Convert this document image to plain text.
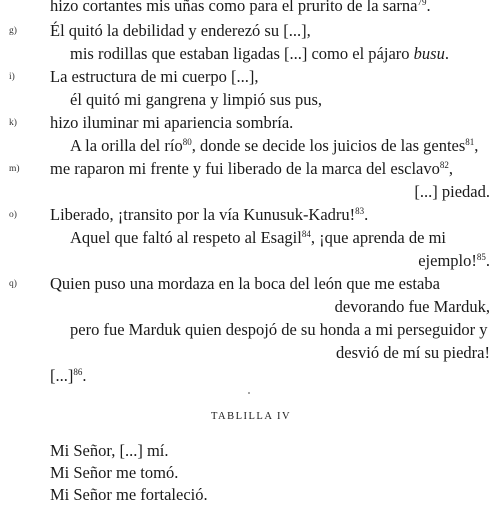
hizo cortantes mis uñas como para el prurito de la sarna$^{79}$.
g) Él quitó la debilidad y enderezó su [...],
mis rodillas que estaban ligadas [...] como el pájaro busu.
i) La estructura de mi cuerpo [...],
él quitó mi gangrena y limpió sus pus,
k) hizo iluminar mi apariencia sombría.
A la orilla del río$^{80}$, donde se decide los juicios de las gentes$^{81}$,
m) me raparon mi frente y fui liberado de la marca del esclavo$^{82}$,
[...] piedad.
o) Liberado, ¡transito por la vía Kunusuk-Kadru!$^{83}$.
Aquel que faltó al respeto al Esagil$^{84}$, ¡que aprenda de mi
ejemplo!$^{85}$.
q) Quien puso una mordaza en la boca del león que me estaba
devorando fue Marduk,
pero fue Marduk quien despojó de su honda a mi perseguidor y
desvió de mí su piedra!
[...]$^{86}$.
TABLILLA IV
Mi Señor, [...] mí.
Mi Señor me tomó.
Mi Señor me fortaleció.
